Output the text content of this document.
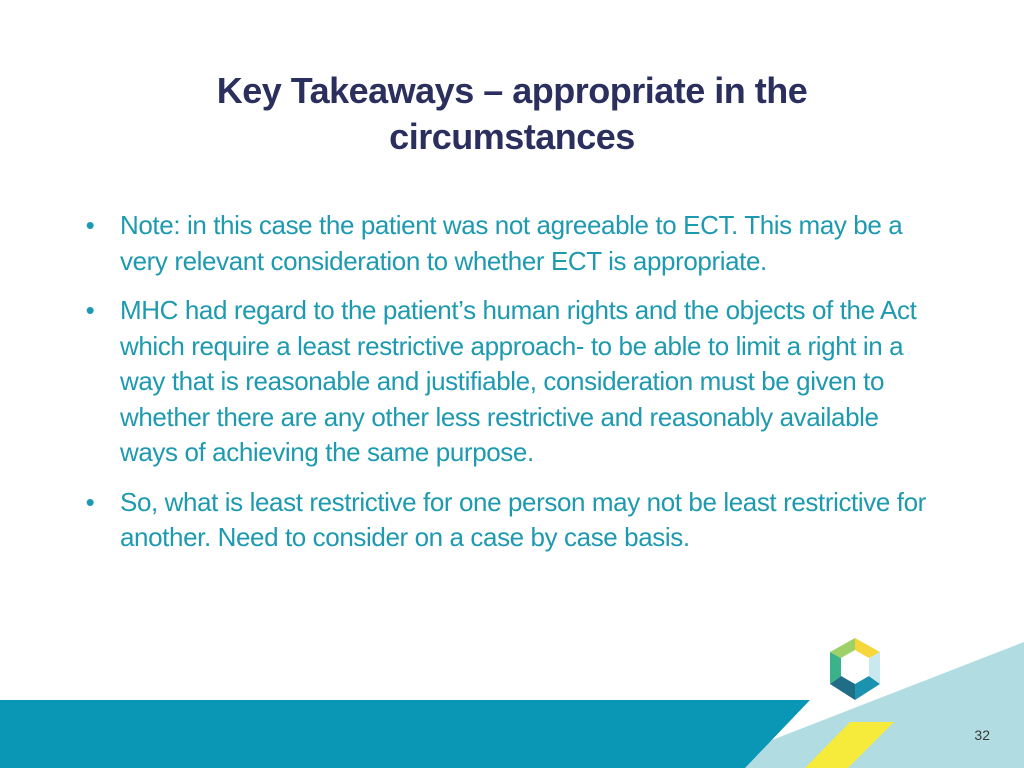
Key Takeaways – appropriate in the circumstances
• Note: in this case the patient was not agreeable to ECT. This may be a very relevant consideration to whether ECT is appropriate.
• MHC had regard to the patient’s human rights and the objects of the Act which require a least restrictive approach- to be able to limit a right in a way that is reasonable and justifiable, consideration must be given to whether there are any other less restrictive and reasonably available ways of achieving the same purpose.
• So, what is least restrictive for one person may not be least restrictive for another. Need to consider on a case by case basis.
32
